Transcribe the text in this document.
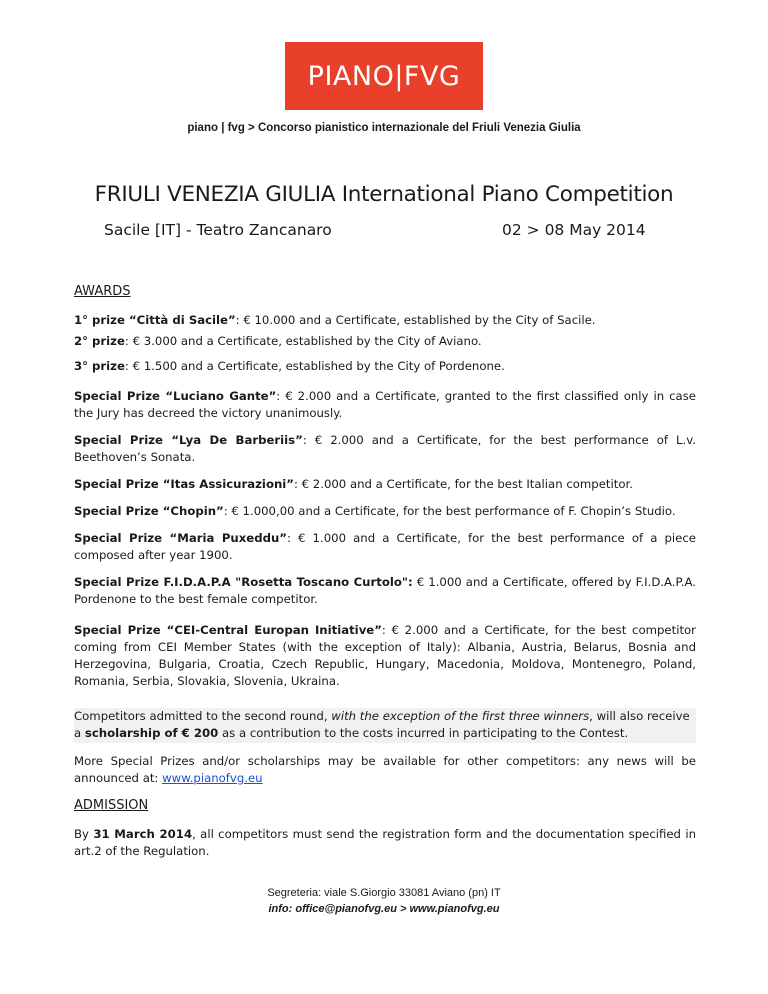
PIANO|FVG
piano | fvg > Concorso pianistico internazionale del Friuli Venezia Giulia
FRIULI VENEZIA GIULIA International Piano Competition
Sacile [IT] - Teatro Zancanaro	02 > 08 May 2014
AWARDS

1° prize “Città di Sacile”: € 10.000 and a Certificate, established by the City of Sacile.

2° prize: € 3.000 and a Certificate, established by the City of Aviano.

3° prize: € 1.500 and a Certificate, established by the City of Pordenone.

Special Prize “Luciano Gante”: € 2.000 and a Certificate, granted to the first classified only in case the Jury has decreed the victory unanimously.

Special Prize “Lya De Barberiis”: € 2.000 and a Certificate, for the best performance of L.v. Beethoven’s Sonata.

Special Prize “Itas Assicurazioni”: € 2.000 and a Certificate, for the best Italian competitor.

Special Prize “Chopin”: € 1.000,00 and a Certificate, for the best performance of F. Chopin’s Studio.

Special Prize “Maria Puxeddu”: € 1.000 and a Certificate, for the best performance of a piece composed after year 1900.

Special Prize F.I.D.A.P.A "Rosetta Toscano Curtolo": € 1.000 and a Certificate, offered by F.I.D.A.P.A. Pordenone to the best female competitor.

Special Prize “CEI-Central Europan Initiative”: € 2.000 and a Certificate, for the best competitor coming from CEI Member States (with the exception of Italy): Albania, Austria, Belarus, Bosnia and Herzegovina, Bulgaria, Croatia, Czech Republic, Hungary, Macedonia, Moldova, Montenegro, Poland, Romania, Serbia, Slovakia, Slovenia, Ukraina.

Competitors admitted to the second round, with the exception of the first three winners, will also receive a scholarship of € 200 as a contribution to the costs incurred in participating to the Contest.

More Special Prizes and/or scholarships may be available for other competitors: any news will be announced at: www.pianofvg.eu

ADMISSION

By 31 March 2014, all competitors must send the registration form and the documentation specified in art.2 of the Regulation.

Segreteria: viale S.Giorgio 33081 Aviano (pn) IT
info: office@pianofvg.eu > www.pianofvg.eu
